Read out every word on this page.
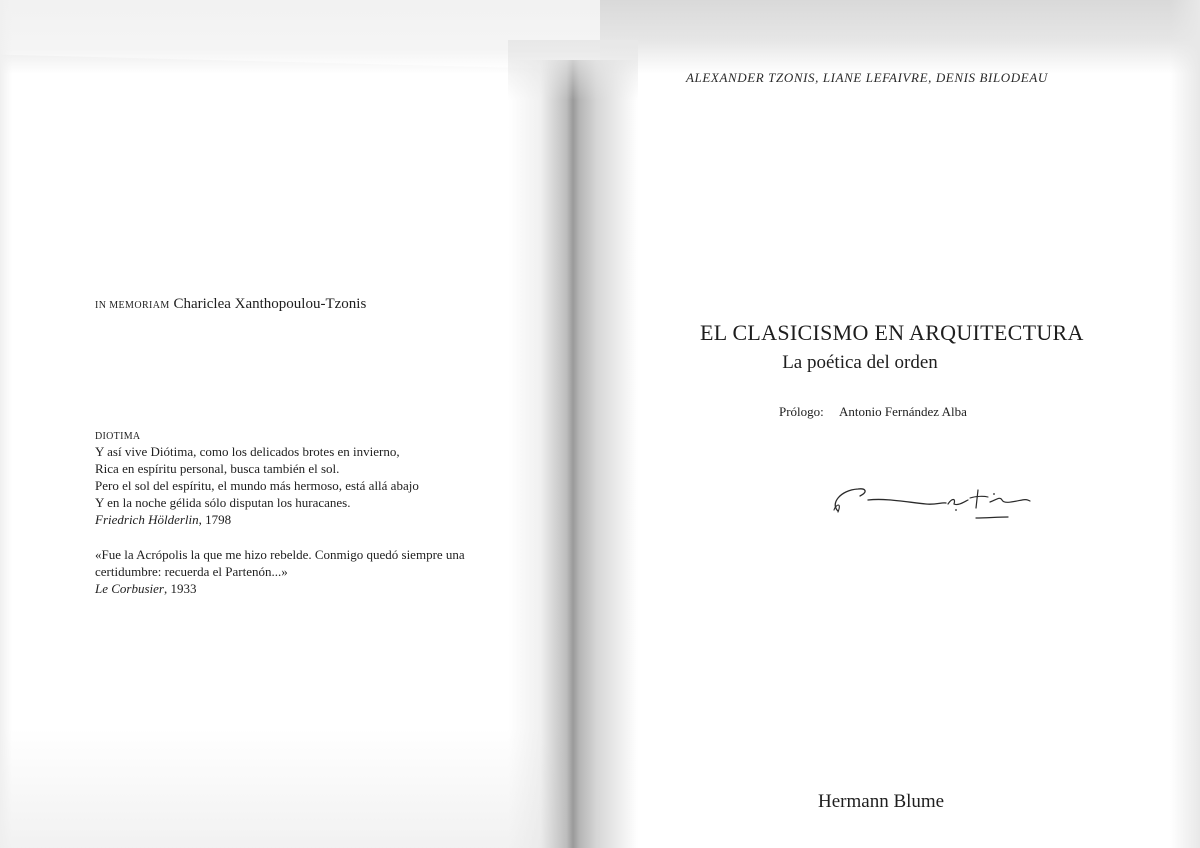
IN MEMORIAM Chariclea Xanthopoulou-Tzonis

DIOTIMA
Y así vive Diótima, como los delicados brotes en invierno,
Rica en espíritu personal, busca también el sol.
Pero el sol del espíritu, el mundo más hermoso, está allá abajo
Y en la noche gélida sólo disputan los huracanes.
Friedrich Hölderlin, 1798
«Fue la Acrópolis la que me hizo rebelde. Conmigo quedó siempre una
certidumbre: recuerda el Partenón...»
Le Corbusier, 1933
ALEXANDER TZONIS, LIANE LEFAIVRE, DENIS BILODEAU
EL CLASICISMO EN ARQUITECTURA
La poética del orden
Prólogo: Antonio Fernández Alba
Hermann Blume
